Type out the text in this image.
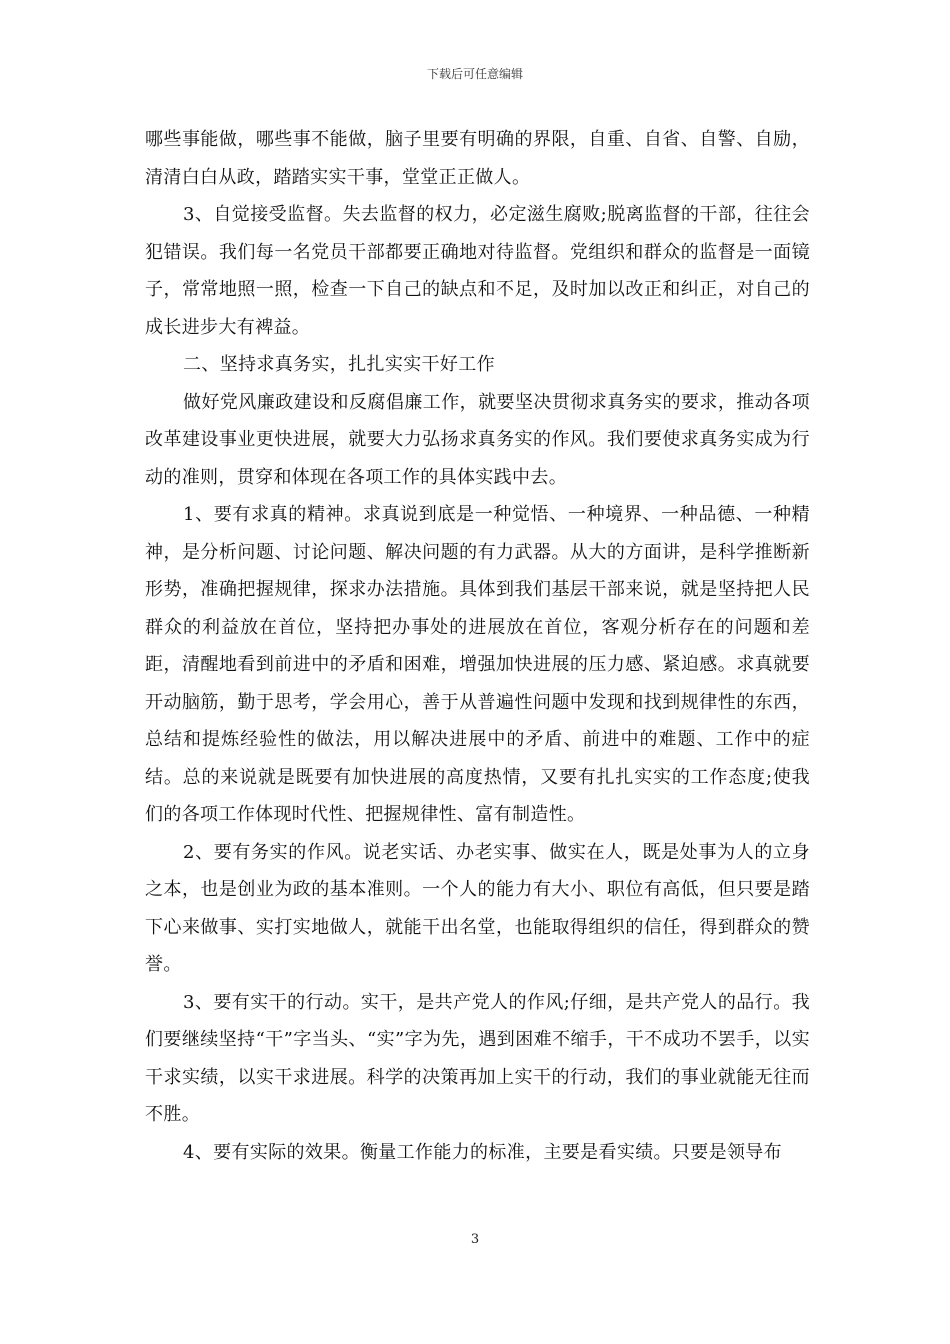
下载后可任意编辑

哪些事能做，哪些事不能做，脑子里要有明确的界限，自重、自省、自警、自励，清清白白从政，踏踏实实干事，堂堂正正做人。

3、自觉接受监督。失去监督的权力，必定滋生腐败;脱离监督的干部，往往会犯错误。我们每一名党员干部都要正确地对待监督。党组织和群众的监督是一面镜子，常常地照一照，检查一下自己的缺点和不足，及时加以改正和纠正，对自己的成长进步大有裨益。

二、坚持求真务实，扎扎实实干好工作

做好党风廉政建设和反腐倡廉工作，就要坚决贯彻求真务实的要求，推动各项改革建设事业更快进展，就要大力弘扬求真务实的作风。我们要使求真务实成为行动的准则，贯穿和体现在各项工作的具体实践中去。

1、要有求真的精神。求真说到底是一种觉悟、一种境界、一种品德、一种精神，是分析问题、讨论问题、解决问题的有力武器。从大的方面讲，是科学推断新形势，准确把握规律，探求办法措施。具体到我们基层干部来说，就是坚持把人民群众的利益放在首位，坚持把办事处的进展放在首位，客观分析存在的问题和差距，清醒地看到前进中的矛盾和困难，增强加快进展的压力感、紧迫感。求真就要开动脑筋，勤于思考，学会用心，善于从普遍性问题中发现和找到规律性的东西，总结和提炼经验性的做法，用以解决进展中的矛盾、前进中的难题、工作中的症结。总的来说就是既要有加快进展的高度热情，又要有扎扎实实的工作态度;使我们的各项工作体现时代性、把握规律性、富有制造性。

2、要有务实的作风。说老实话、办老实事、做实在人，既是处事为人的立身之本，也是创业为政的基本准则。一个人的能力有大小、职位有高低，但只要是踏下心来做事、实打实地做人，就能干出名堂，也能取得组织的信任，得到群众的赞誉。

3、要有实干的行动。实干，是共产党人的作风;仔细，是共产党人的品行。我们要继续坚持“干”字当头、“实”字为先，遇到困难不缩手，干不成功不罢手，以实干求实绩，以实干求进展。科学的决策再加上实干的行动，我们的事业就能无往而不胜。

4、要有实际的效果。衡量工作能力的标准，主要是看实绩。只要是领导布

3
